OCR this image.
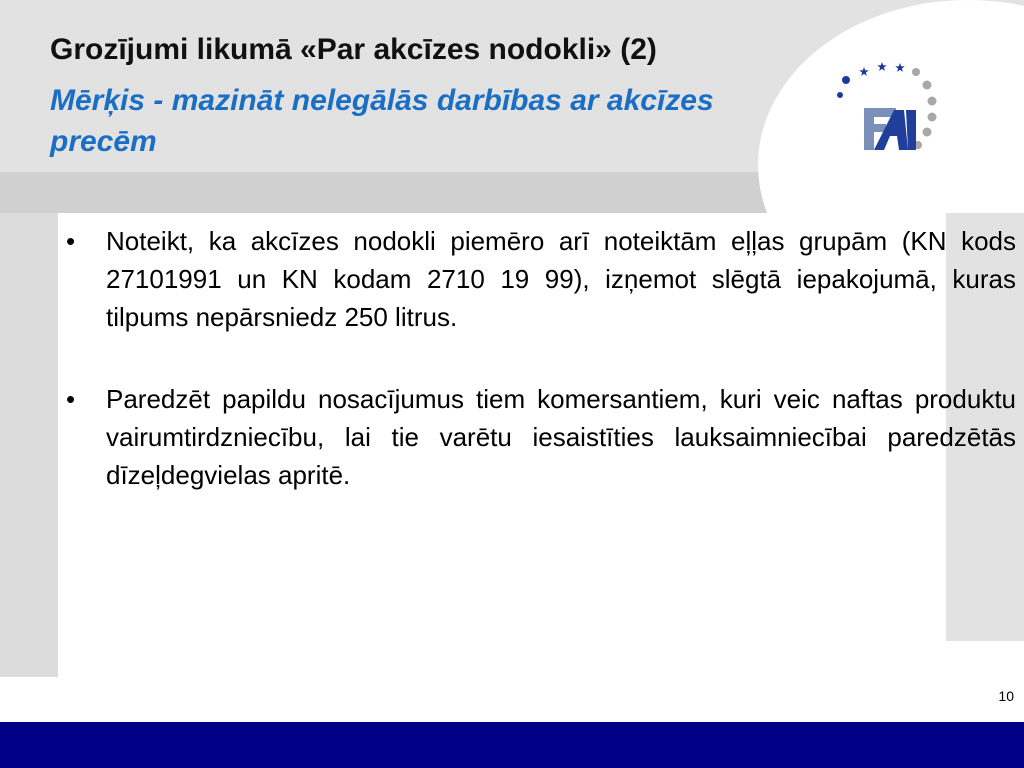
Grozījumi likumā «Par akcīzes nodokli» (2)
Mērķis - mazināt nelegālās darbības ar akcīzes precēm
• Noteikt, ka akcīzes nodokli piemēro arī noteiktām eļļas grupām (KN kods 27101991 un KN kodam 2710 19 99), izņemot slēgtā iepakojumā, kuras tilpums nepārsniedz 250 litrus.
• Paredzēt papildu nosacījumus tiem komersantiem, kuri veic naftas produktu vairumtirdzniecību, lai tie varētu iesaistīties lauksaimniecībai paredzētās dīzeļdegvielas apritē.
10
